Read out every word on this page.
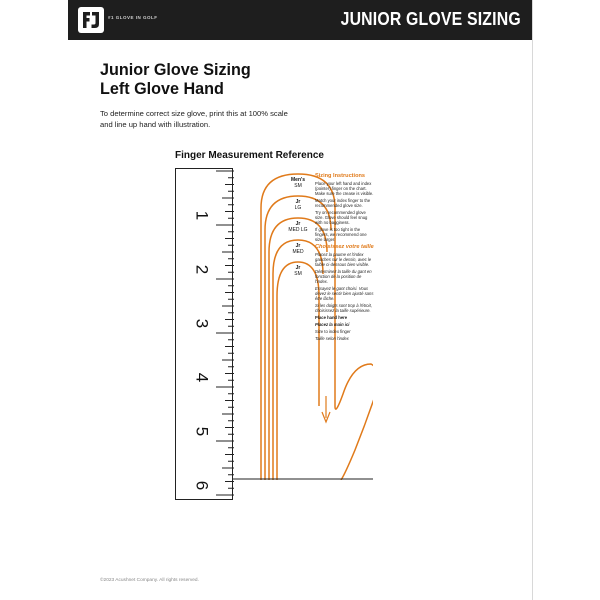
#1 GLOVE IN GOLF	JUNIOR GLOVE SIZING
Junior Glove Sizing
Left Glove Hand
To determine correct size glove, print this at 100% scale and line up hand with illustration.
Finger Measurement Reference
1
2
3
4
5
6
Men's
SM
Jr
LG
Jr
MED LG
Jr
MED
Jr
SM
Sizing Instructions
Place your left hand and index (pointer) finger on the chart. Make sure the crease is visible.
Match your index finger to the recommended glove size.
Try on recommended glove size. Glove should feel snug with no bagginess.
If glove is too tight in the fingers, we recommend one size larger.
Choisissez votre taille
Placez la paume et l'index gauches sur le dessin, avec le faible ci-dessous bien visible.
Déterminez la taille du gant en fonction de la position de l'index.
Essayez le gant choisi. Vous devez le sentir bien ajusté sans être lâche.
Si les doigts sont trop à l'étroit, choisissez la taille supérieure.
Place hand here
Placez la main ici
Size to index finger
Taille selon l'index
©2023 Acushnet Company. All rights reserved.
